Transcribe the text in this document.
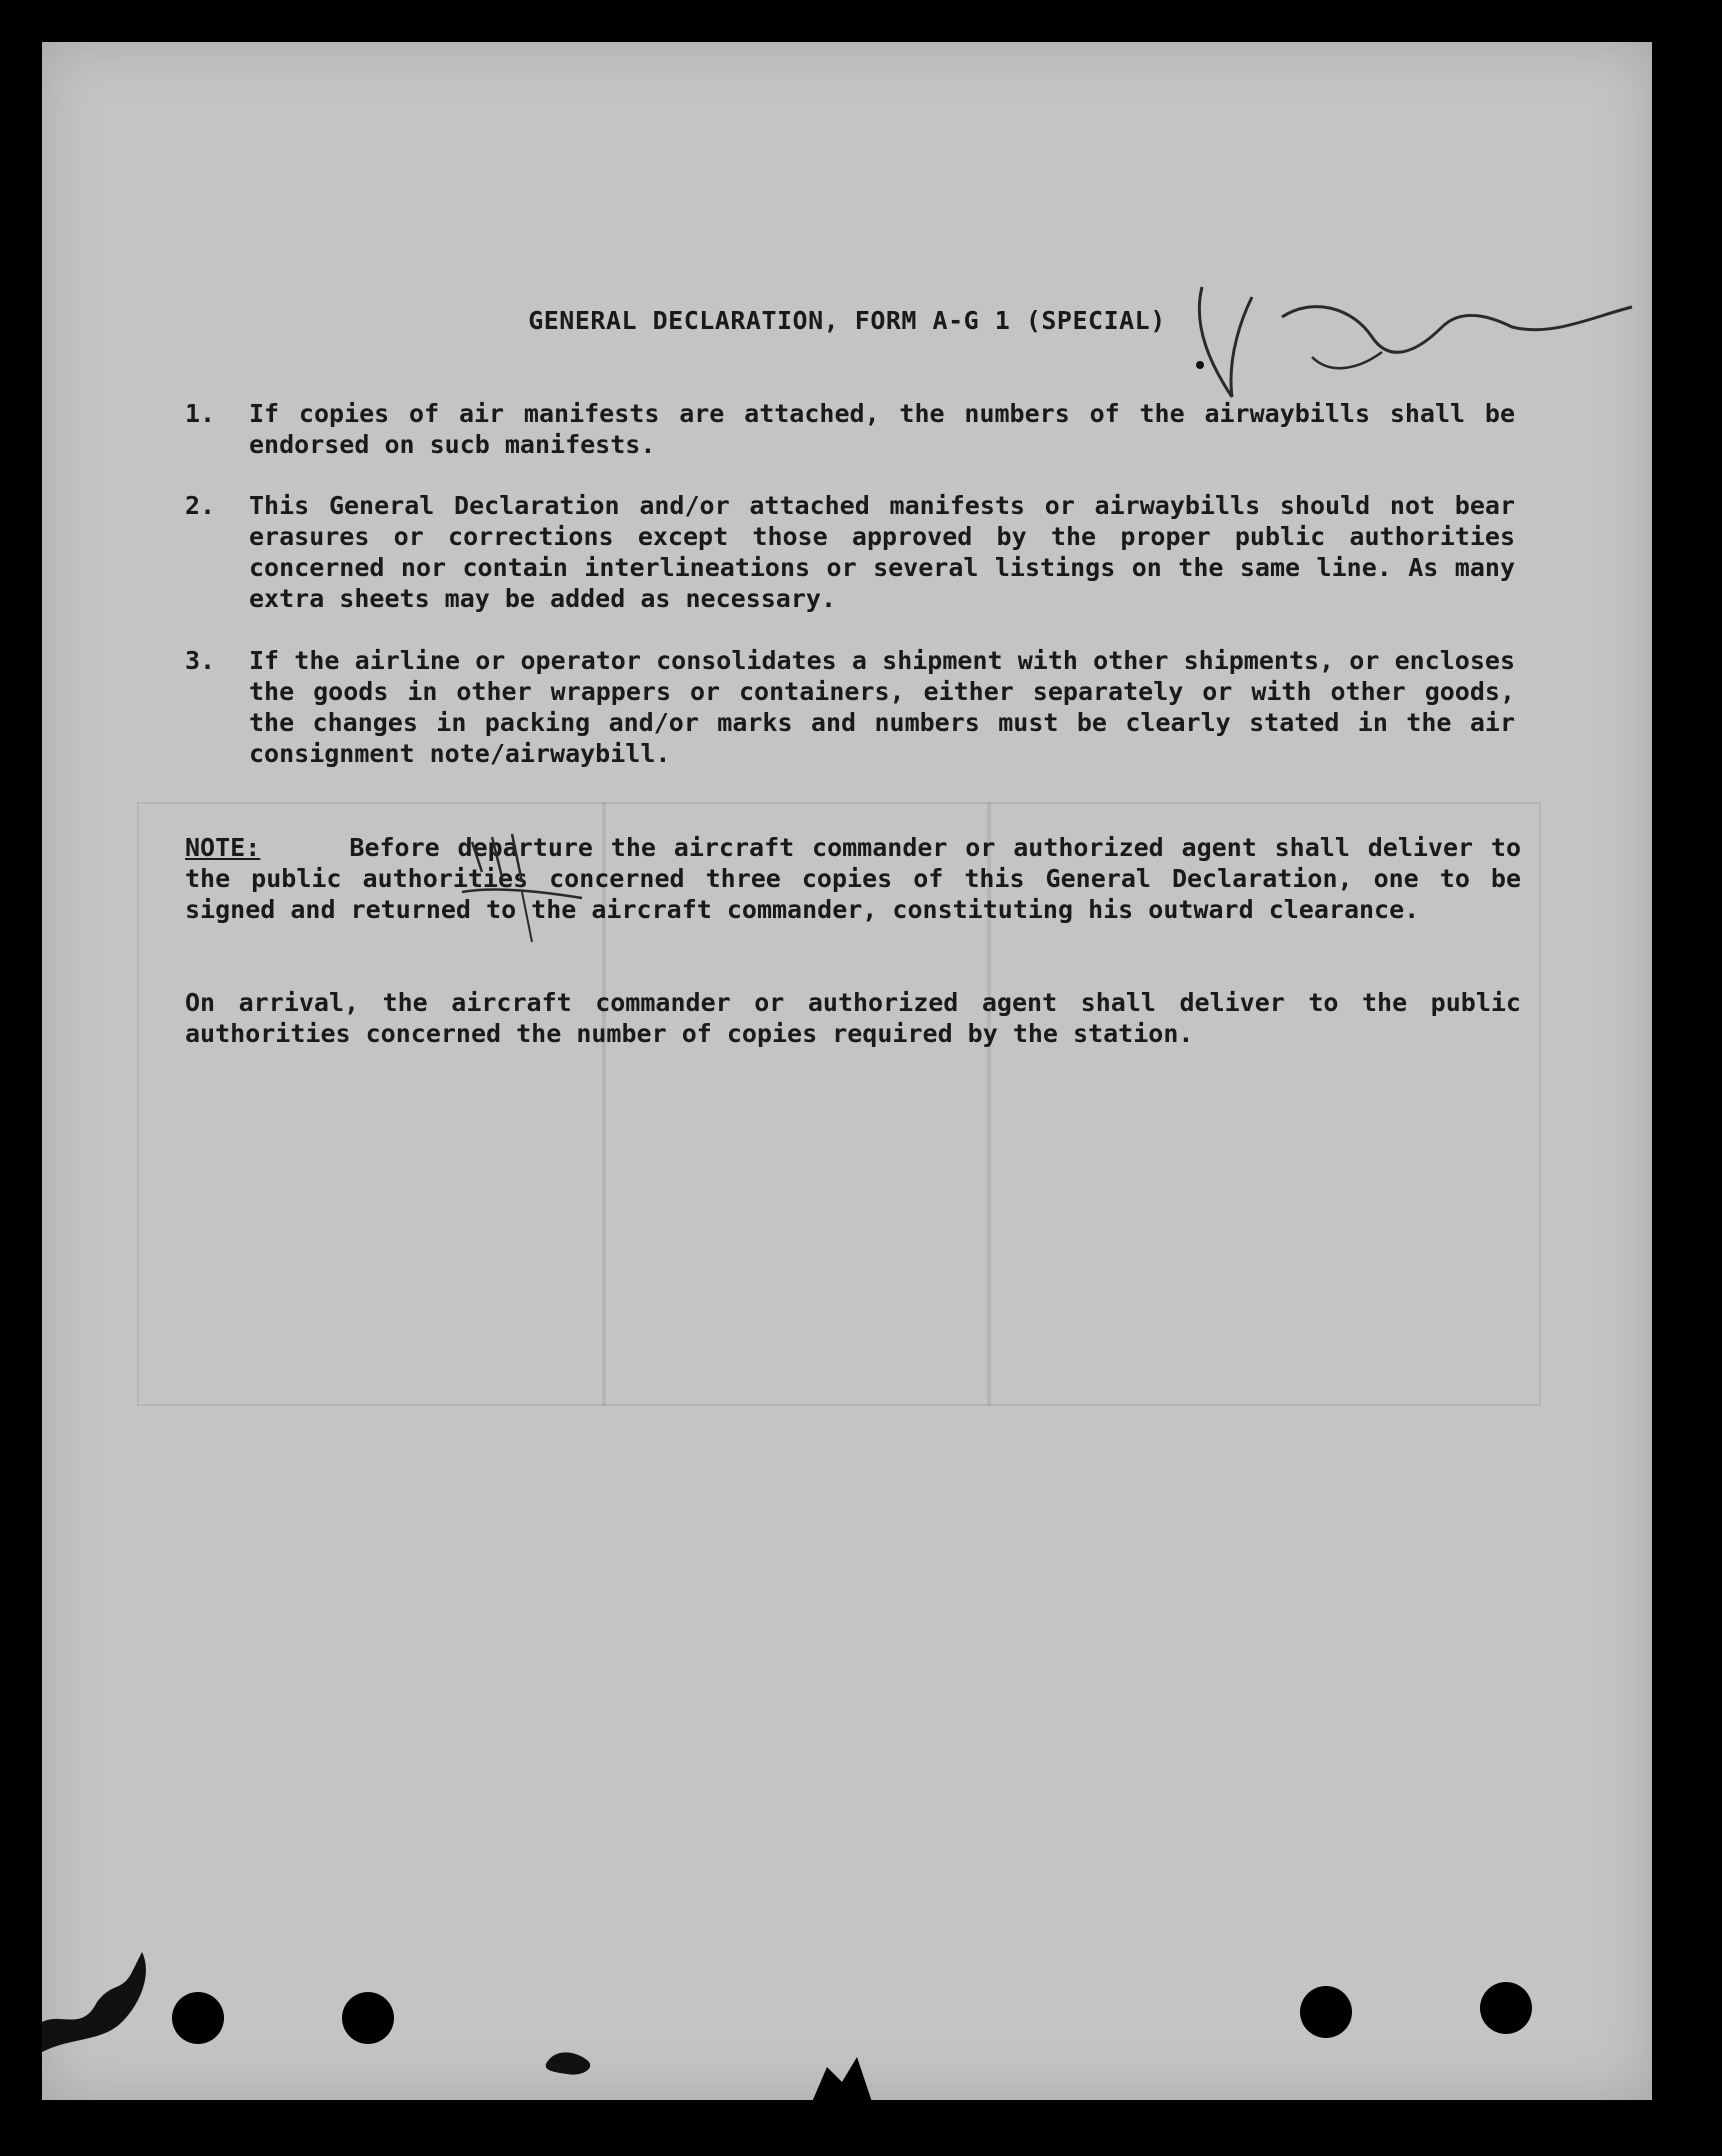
GENERAL DECLARATION, FORM A-G 1 (SPECIAL)
1. If copies of air manifests are attached, the numbers of the airwaybills shall be endorsed on sucb manifests.
2. This General Declaration and/or attached manifests or airwaybills should not bear erasures or corrections except those approved by the proper public authorities concerned nor contain interlineations or several listings on the same line. As many extra sheets may be added as necessary.
3. If the airline or operator consolidates a shipment with other shipments, or encloses the goods in other wrappers or containers, either separately or with other goods, the changes in packing and/or marks and numbers must be clearly stated in the air consignment note/airwaybill.
NOTE:	Before departure the aircraft commander or authorized agent shall deliver to the public authorities concerned three copies of this General Declaration, one to be signed and returned to the aircraft commander, constituting his outward clearance.
On arrival, the aircraft commander or authorized agent shall deliver to the public authorities concerned the number of copies required by the station.
